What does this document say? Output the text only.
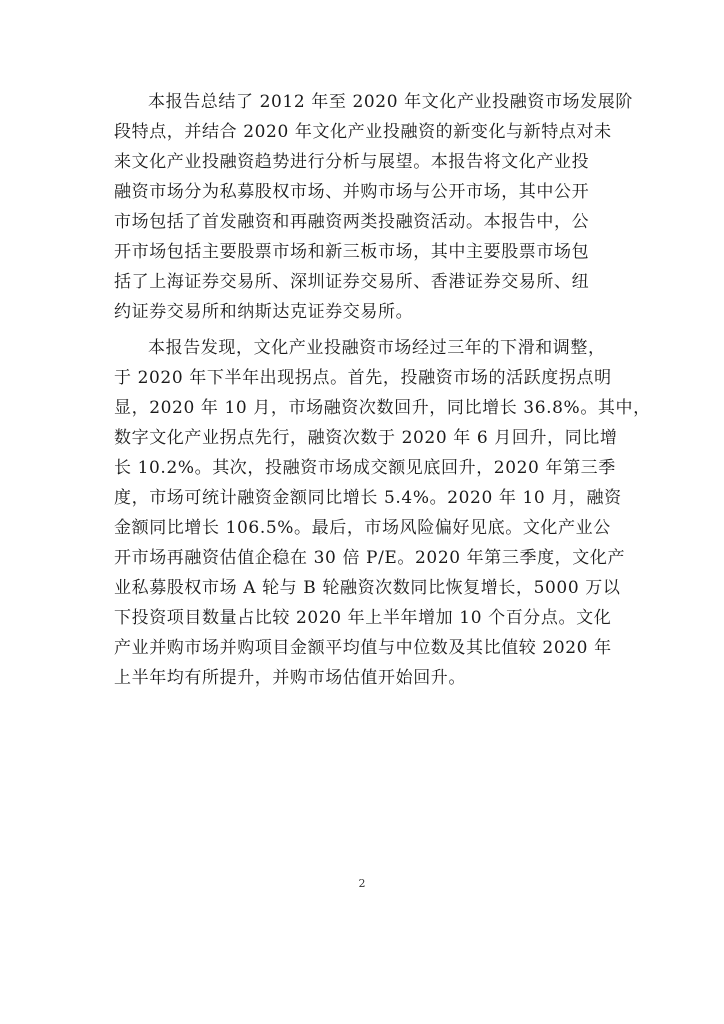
本报告总结了 2012 年至 2020 年文化产业投融资市场发展阶
段特点，并结合 2020 年文化产业投融资的新变化与新特点对未
来文化产业投融资趋势进行分析与展望。本报告将文化产业投
融资市场分为私募股权市场、并购市场与公开市场，其中公开
市场包括了首发融资和再融资两类投融资活动。本报告中，公
开市场包括主要股票市场和新三板市场，其中主要股票市场包
括了上海证券交易所、深圳证券交易所、香港证券交易所、纽
约证券交易所和纳斯达克证券交易所。
本报告发现，文化产业投融资市场经过三年的下滑和调整，
于 2020 年下半年出现拐点。首先，投融资市场的活跃度拐点明
显，2020 年 10 月，市场融资次数回升，同比增长 36.8%。其中，
数字文化产业拐点先行，融资次数于 2020 年 6 月回升，同比增
长 10.2%。其次，投融资市场成交额见底回升，2020 年第三季
度，市场可统计融资金额同比增长 5.4%。2020 年 10 月，融资
金额同比增长 106.5%。最后，市场风险偏好见底。文化产业公
开市场再融资估值企稳在 30 倍 P/E。2020 年第三季度，文化产
业私募股权市场 A 轮与 B 轮融资次数同比恢复增长，5000 万以
下投资项目数量占比较 2020 年上半年增加 10 个百分点。文化
产业并购市场并购项目金额平均值与中位数及其比值较 2020 年
上半年均有所提升，并购市场估值开始回升。
2
